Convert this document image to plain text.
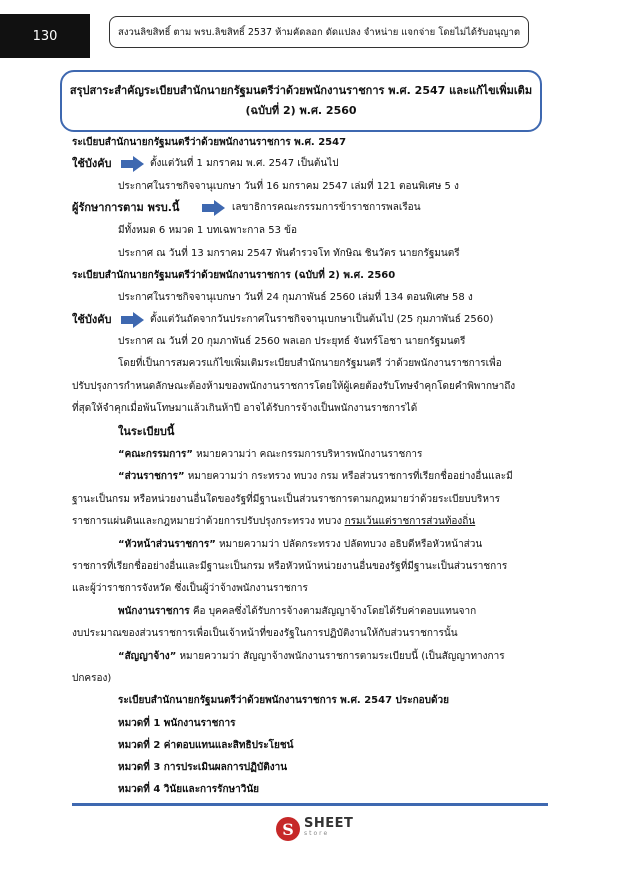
130	สงวนลิขสิทธิ์ ตาม พรบ.ลิขสิทธิ์ 2537 ห้ามคัดลอก ดัดแปลง จำหน่าย แจกจ่าย โดยไม่ได้รับอนุญาต
สรุปสาระสำคัญระเบียบสำนักนายกรัฐมนตรีว่าด้วยพนักงานราชการ พ.ศ. 2547 และแก้ไขเพิ่มเติม
(ฉบับที่ 2) พ.ศ. 2560
ระเบียบสำนักนายกรัฐมนตรีว่าด้วยพนักงานราชการ พ.ศ. 2547
ใช้บังคับ	ตั้งแต่วันที่ 1 มกราคม พ.ศ. 2547 เป็นต้นไป
ประกาศในราชกิจจานุเบกษา วันที่ 16 มกราคม 2547 เล่มที่ 121 ตอนพิเศษ 5 ง
ผู้รักษาการตาม พรบ.นี้	เลขาธิการคณะกรรมการข้าราชการพลเรือน
มีทั้งหมด 6 หมวด 1 บทเฉพาะกาล 53 ข้อ
ประกาศ ณ วันที่ 13 มกราคม 2547 พันตำรวจโท ทักษิณ ชินวัตร นายกรัฐมนตรี
ระเบียบสำนักนายกรัฐมนตรีว่าด้วยพนักงานราชการ (ฉบับที่ 2) พ.ศ. 2560
ประกาศในราชกิจจานุเบกษา วันที่ 24 กุมภาพันธ์ 2560 เล่มที่ 134 ตอนพิเศษ 58 ง
ใช้บังคับ	ตั้งแต่วันถัดจากวันประกาศในราชกิจจานุเบกษาเป็นต้นไป (25 กุมภาพันธ์ 2560)
ประกาศ ณ วันที่ 20 กุมภาพันธ์ 2560 พลเอก ประยุทธ์ จันทร์โอชา นายกรัฐมนตรี
โดยที่เป็นการสมควรแก้ไขเพิ่มเติมระเบียบสำนักนายกรัฐมนตรี ว่าด้วยพนักงานราชการเพื่อ
ปรับปรุงการกำหนดลักษณะต้องห้ามของพนักงานราชการโดยให้ผู้เคยต้องรับโทษจำคุกโดยคำพิพากษาถึง
ที่สุดให้จำคุกเมื่อพ้นโทษมาแล้วเกินห้าปี อาจได้รับการจ้างเป็นพนักงานราชการได้
ในระเบียบนี้
“คณะกรรมการ” หมายความว่า คณะกรรมการบริหารพนักงานราชการ
“ส่วนราชการ” หมายความว่า กระทรวง ทบวง กรม หรือส่วนราชการที่เรียกชื่ออย่างอื่นและมี
ฐานะเป็นกรม หรือหน่วยงานอื่นใดของรัฐที่มีฐานะเป็นส่วนราชการตามกฎหมายว่าด้วยระเบียบบริหาร
ราชการแผ่นดินและกฎหมายว่าด้วยการปรับปรุงกระทรวง ทบวง กรมเว้นแต่ราชการส่วนท้องถิ่น
“หัวหน้าส่วนราชการ” หมายความว่า ปลัดกระทรวง ปลัดทบวง อธิบดีหรือหัวหน้าส่วน
ราชการที่เรียกชื่ออย่างอื่นและมีฐานะเป็นกรม หรือหัวหน้าหน่วยงานอื่นของรัฐที่มีฐานะเป็นส่วนราชการ
และผู้ว่าราชการจังหวัด ซึ่งเป็นผู้ว่าจ้างพนักงานราชการ
พนักงานราชการ คือ บุคคลซึ่งได้รับการจ้างตามสัญญาจ้างโดยได้รับค่าตอบแทนจาก
งบประมาณของส่วนราชการเพื่อเป็นเจ้าหน้าที่ของรัฐในการปฏิบัติงานให้กับส่วนราชการนั้น
“สัญญาจ้าง” หมายความว่า สัญญาจ้างพนักงานราชการตามระเบียบนี้ (เป็นสัญญาทางการ
ปกครอง)
ระเบียบสำนักนายกรัฐมนตรีว่าด้วยพนักงานราชการ พ.ศ. 2547 ประกอบด้วย
หมวดที่ 1 พนักงานราชการ
หมวดที่ 2 ค่าตอบแทนและสิทธิประโยชน์
หมวดที่ 3 การประเมินผลการปฏิบัติงาน
หมวดที่ 4 วินัยและการรักษาวินัย
S SHEET
store
